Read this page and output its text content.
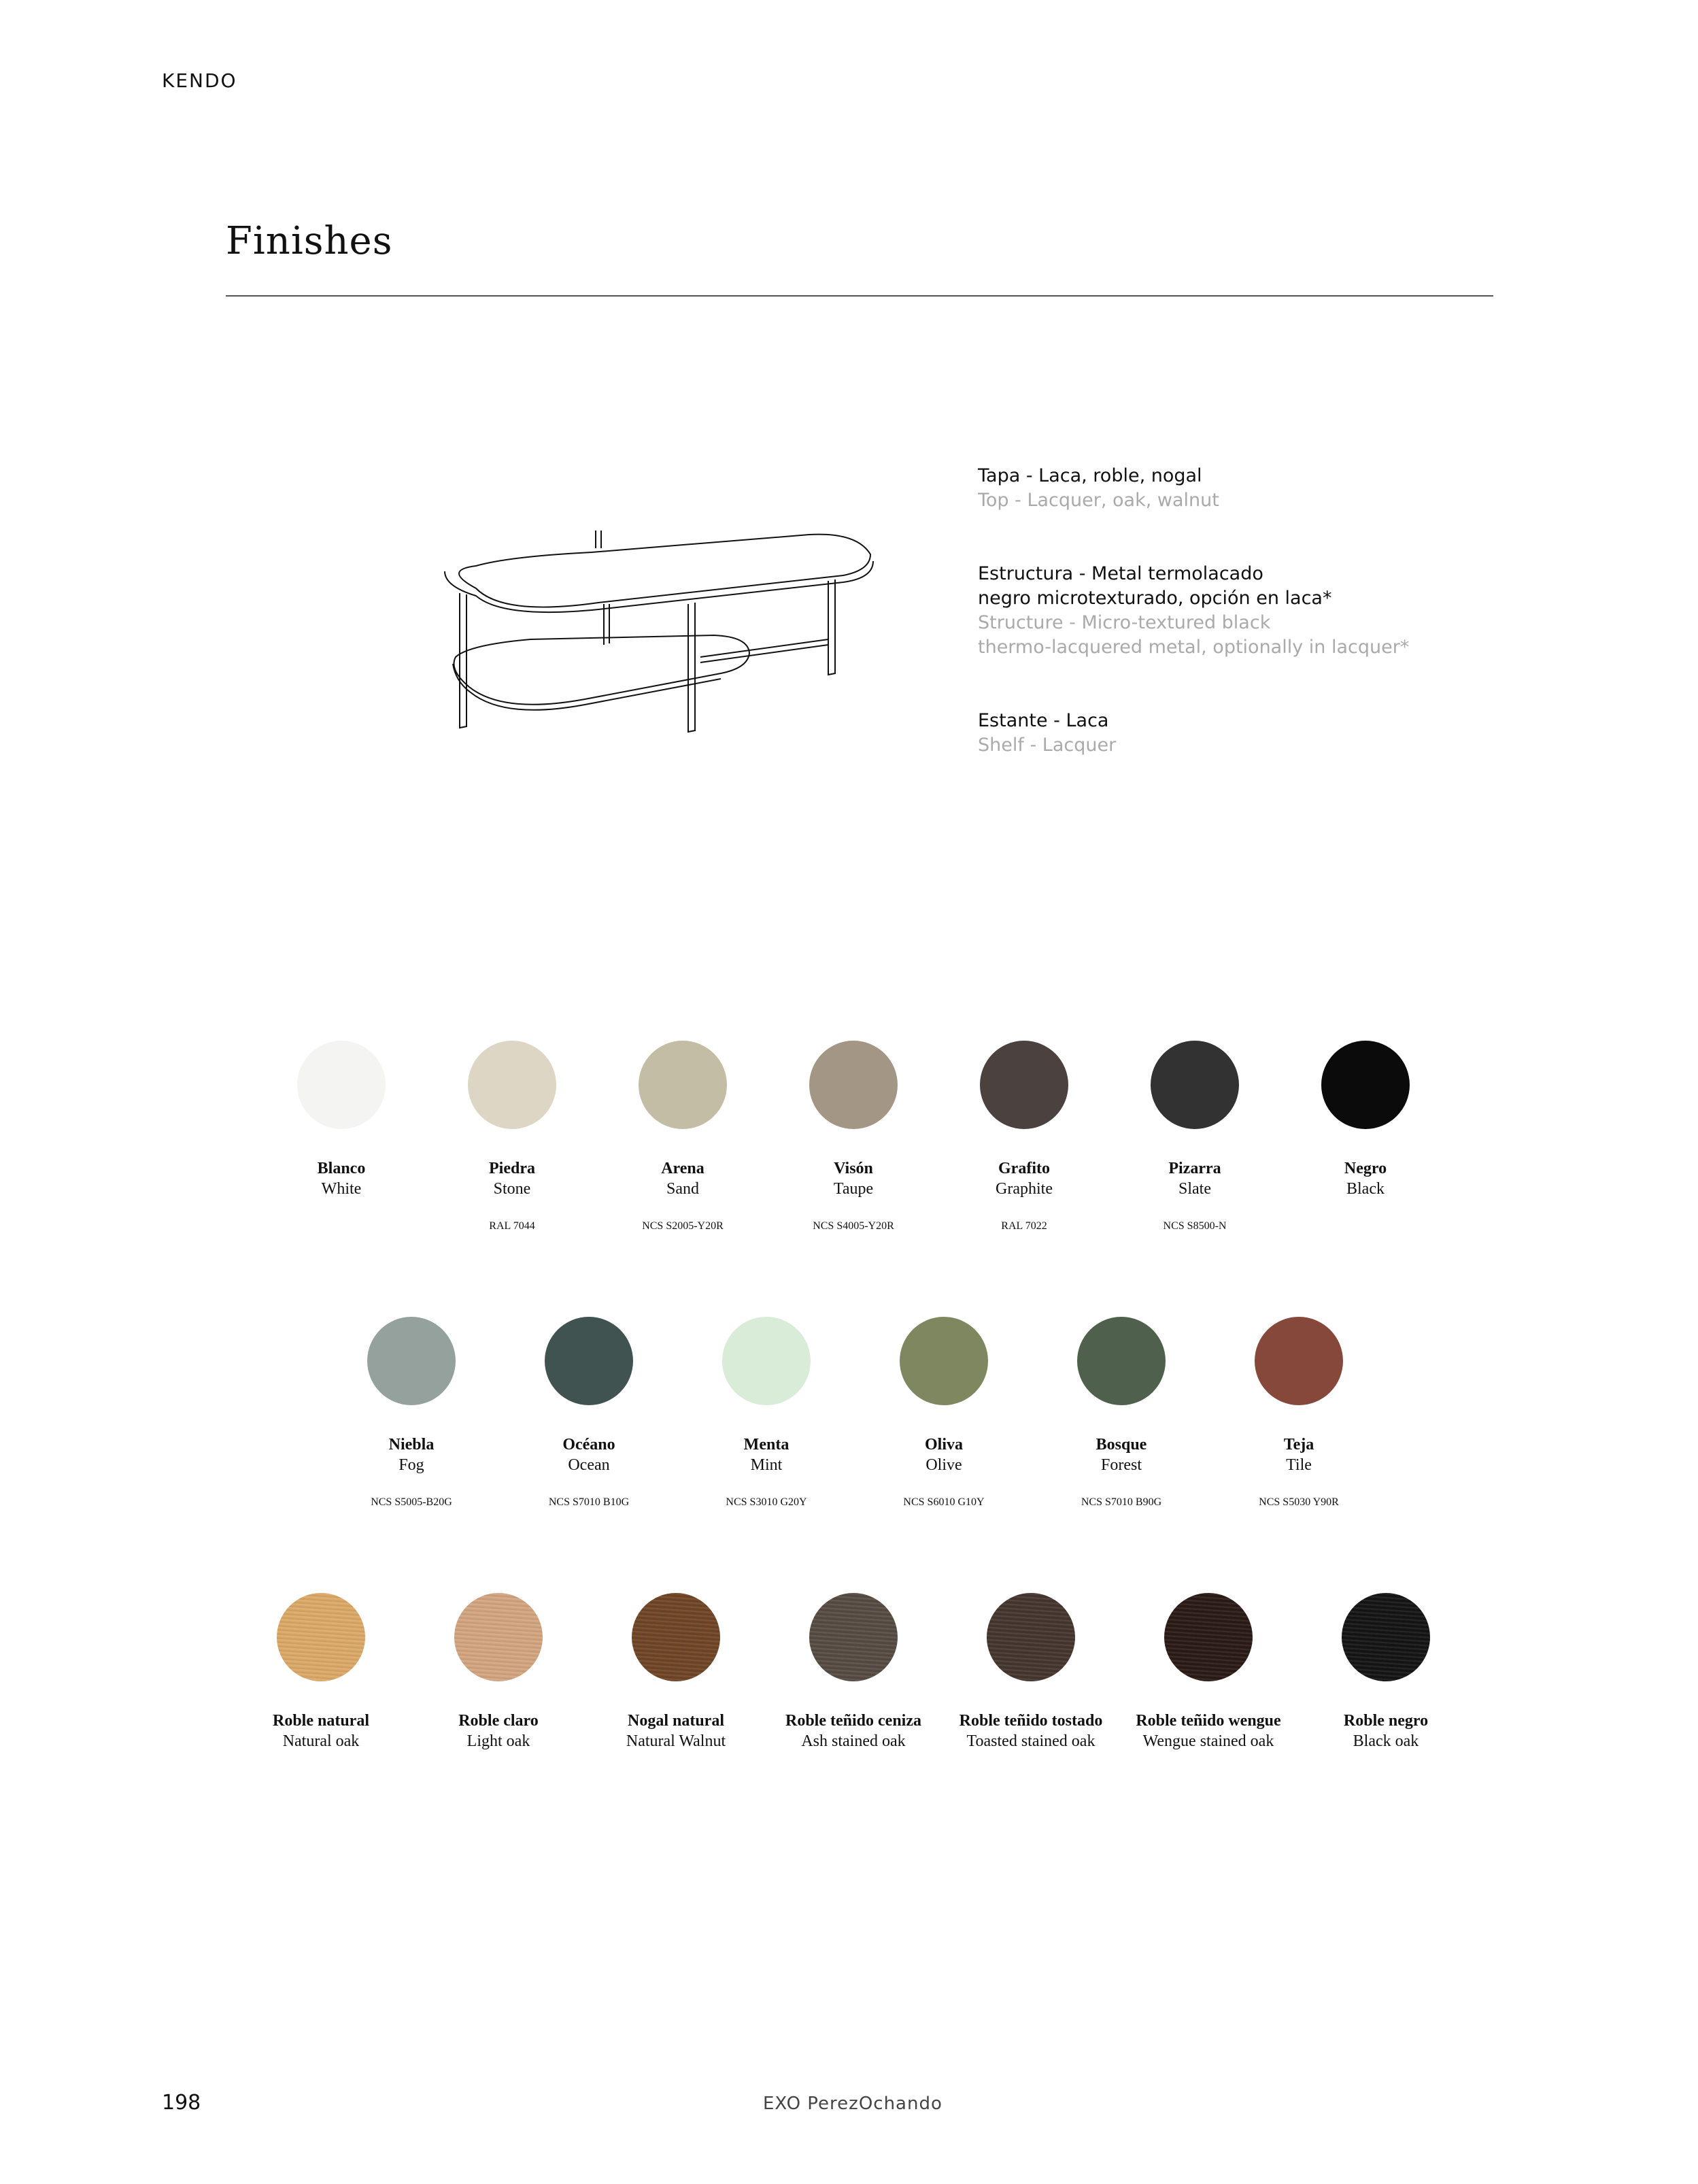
KENDO
Finishes
Tapa - Laca, roble, nogal
Top - Lacquer, oak, walnut
Estructura - Metal termolacado
negro microtexturado, opción en laca*
Structure - Micro-textured black
thermo-lacquered metal, optionally in lacquer*
Estante - Laca
Shelf - Lacquer
Blanco
White
Piedra
Stone
RAL 7044
Arena
Sand
NCS S2005-Y20R
Visón
Taupe
NCS S4005-Y20R
Grafito
Graphite
RAL 7022
Pizarra
Slate
NCS S8500-N
Negro
Black
Niebla
Fog
NCS S5005-B20G
Océano
Ocean
NCS S7010 B10G
Menta
Mint
NCS S3010 G20Y
Oliva
Olive
NCS S6010 G10Y
Bosque
Forest
NCS S7010 B90G
Teja
Tile
NCS S5030 Y90R
Roble natural
Natural oak
Roble claro
Light oak
Nogal natural
Natural Walnut
Roble teñido ceniza
Ash stained oak
Roble teñido tostado
Toasted stained oak
Roble teñido wengue
Wengue stained oak
Roble negro
Black oak
198	EXO PerezOchando
